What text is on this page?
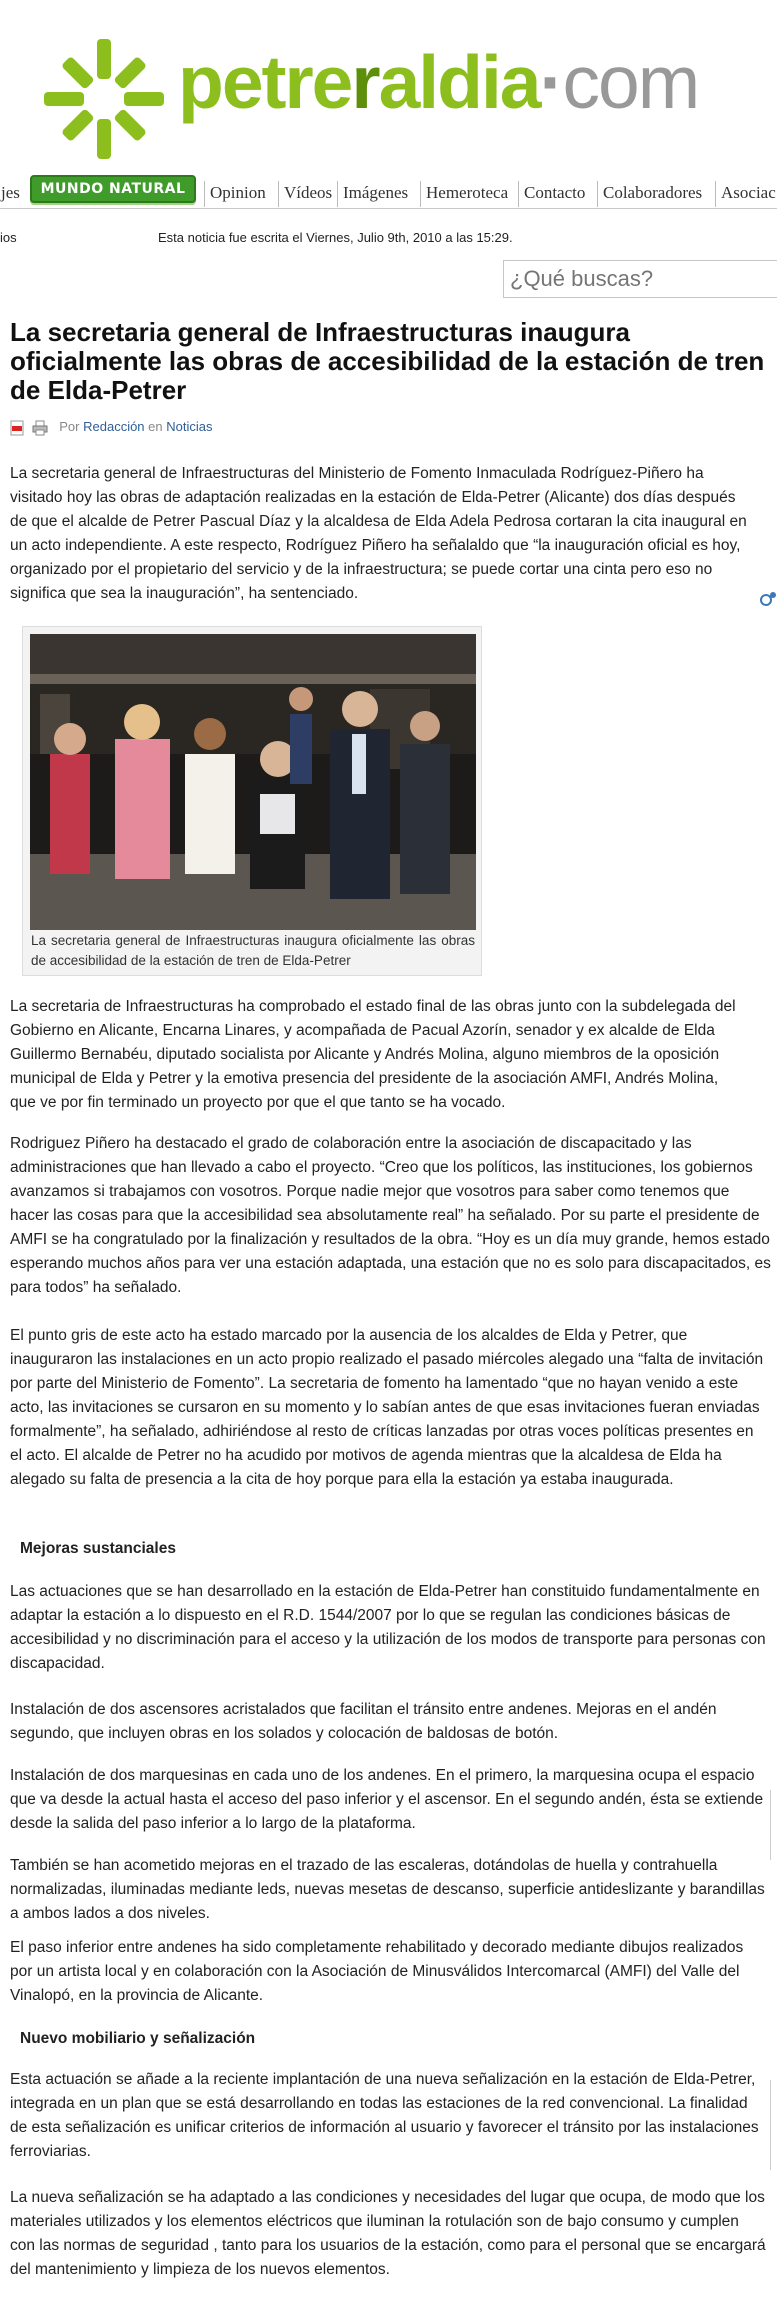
petreraldia·com
jes	MUNDO NATURAL	Opinion	Vídeos Imágenes	Hemeroteca Contacto	Colaboradores	Asociac
ios	Esta noticia fue escrita el Viernes, Julio 9th, 2010 a las 15:29.
¿Qué buscas?
La secretaria general de Infraestructuras inaugura oficialmente las obras de accesibilidad de la estación de tren de Elda-Petrer
Por Redacción en Noticias

La secretaria general de Infraestructuras del Ministerio de Fomento Inmaculada Rodríguez-Piñero ha visitado hoy las obras de adaptación realizadas en la estación de Elda-Petrer (Alicante) dos días después de que el alcalde de Petrer Pascual Díaz y la alcaldesa de Elda Adela Pedrosa cortaran la cita inaugural en un acto independiente. A este respecto, Rodríguez Piñero ha señalaldo que “la inauguración oficial es hoy, organizado por el propietario del servicio y de la infraestructura; se puede cortar una cinta pero eso no significa que sea la inauguración”, ha sentenciado.

La secretaria general de Infraestructuras inaugura oficialmente las obras de accesibilidad de la estación de tren de Elda-Petrer

La secretaria de Infraestructuras ha comprobado el estado final de las obras junto con la subdelegada del Gobierno en Alicante, Encarna Linares, y acompañada de Pacual Azorín, senador y ex alcalde de Elda Guillermo Bernabéu, diputado socialista por Alicante y Andrés Molina, alguno miembros de la oposición municipal de Elda y Petrer y la emotiva presencia del presidente de la asociación AMFI, Andrés Molina, que ve por fin terminado un proyecto por que el que tanto se ha vocado.

Rodriguez Piñero ha destacado el grado de colaboración entre la asociación de discapacitado y las administraciones que han llevado a cabo el proyecto. “Creo que los políticos, las instituciones, los gobiernos avanzamos si trabajamos con vosotros. Porque nadie mejor que vosotros para saber como tenemos que hacer las cosas para que la accesibilidad sea absolutamente real” ha señalado. Por su parte el presidente de AMFI se ha congratulado por la finalización y resultados de la obra. “Hoy es un día muy grande, hemos estado esperando muchos años para ver una estación adaptada, una estación que no es solo para discapacitados, es para todos” ha señalado.

El punto gris de este acto ha estado marcado por la ausencia de los alcaldes de Elda y Petrer, que inauguraron las instalaciones en un acto propio realizado el pasado miércoles alegado una “falta de invitación por parte del Ministerio de Fomento”. La secretaria de fomento ha lamentado “que no hayan venido a este acto, las invitaciones se cursaron en su momento y lo sabían antes de que esas invitaciones fueran enviadas formalmente”, ha señalado, adhiriéndose al resto de críticas lanzadas por otras voces políticas presentes en el acto. El alcalde de Petrer no ha acudido por motivos de agenda mientras que la alcaldesa de Elda ha alegado su falta de presencia a la cita de hoy porque para ella la estación ya estaba inaugurada.

Mejoras sustanciales

Las actuaciones que se han desarrollado en la estación de Elda-Petrer han constituido fundamentalmente en adaptar la estación a lo dispuesto en el R.D. 1544/2007 por lo que se regulan las condiciones básicas de accesibilidad y no discriminación para el acceso y la utilización de los modos de transporte para personas con discapacidad.

Instalación de dos ascensores acristalados que facilitan el tránsito entre andenes. Mejoras en el andén segundo, que incluyen obras en los solados y colocación de baldosas de botón.

Instalación de dos marquesinas en cada uno de los andenes. En el primero, la marquesina ocupa el espacio que va desde la actual hasta el acceso del paso inferior y el ascensor. En el segundo andén, ésta se extiende desde la salida del paso inferior a lo largo de la plataforma.

También se han acometido mejoras en el trazado de las escaleras, dotándolas de huella y contrahuella normalizadas, iluminadas mediante leds, nuevas mesetas de descanso, superficie antideslizante y barandillas a ambos lados a dos niveles.

El paso inferior entre andenes ha sido completamente rehabilitado y decorado mediante dibujos realizados por un artista local y en colaboración con la Asociación de Minusválidos Intercomarcal (AMFI) del Valle del Vinalopó, en la provincia de Alicante.

Nuevo mobiliario y señalización

Esta actuación se añade a la reciente implantación de una nueva señalización en la estación de Elda-Petrer, integrada en un plan que se está desarrollando en todas las estaciones de la red convencional. La finalidad de esta señalización es unificar criterios de información al usuario y favorecer el tránsito por las instalaciones ferroviarias.

La nueva señalización se ha adaptado a las condiciones y necesidades del lugar que ocupa, de modo que los materiales utilizados y los elementos eléctricos que iluminan la rotulación son de bajo consumo y cumplen con las normas de seguridad , tanto para los usuarios de la estación, como para el personal que se encargará del mantenimiento y limpieza de los nuevos elementos.
